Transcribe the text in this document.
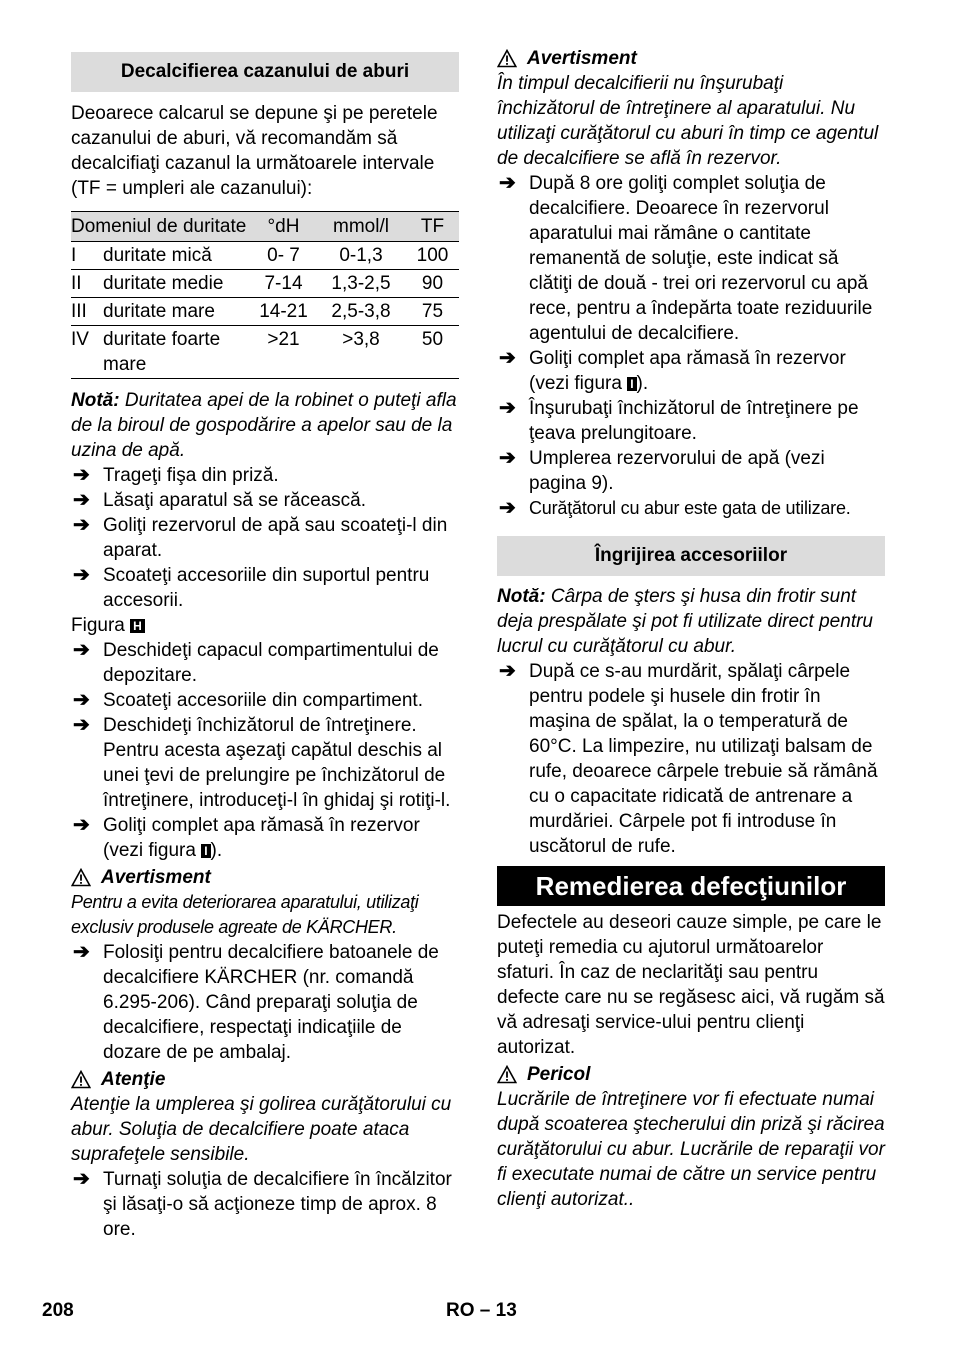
Decalcifierea cazanului de aburi

Deoarece calcarul se depune şi pe peretele cazanului de aburi, vă recomandăm să decalcifiaţi cazanul la următoarele intervale (TF = umpleri ale cazanului):

Domeniul de duritate		°dH	mmol/l	TF
I	duritate mică	0- 7	0-1,3	100
II	duritate medie	7-14	1,3-2,5	90
III	duritate mare	14-21	2,5-3,8	75
IV	duritate foarte mare	>21	>3,8	50

Notă: Duritatea apei de la robinet o puteţi afla de la biroul de gospodărire a apelor sau de la uzina de apă.

➔ Trageţi fişa din priză.
➔ Lăsaţi aparatul să se răcească.
➔ Goliţi rezervorul de apă sau scoateţi-l din aparat.
➔ Scoateţi accesoriile din suportul pentru accesorii.

Figura H

➔ Deschideţi capacul compartimentului de depozitare.
➔ Scoateţi accesoriile din compartiment.
➔ Deschideţi închizătorul de întreţinere. Pentru acesta aşezaţi capătul deschis al unei ţevi de prelungire pe închizătorul de întreţinere, introduceţi-l în ghidaj şi rotiţi-l.
➔ Goliţi complet apa rămasă în rezervor (vezi figura I ).
Avertisment

Pentru a evita deteriorarea aparatului, utilizaţi exclusiv produsele agreate de KÄRCHER.

➔ Folosiţi pentru decalcifiere batoanele de decalcifiere KÄRCHER (nr. comandă 6.295-206). Când preparaţi soluţia de decalcifiere, respectaţi indicaţiile de dozare de pe ambalaj.
Atenţie

Atenţie la umplerea şi golirea curăţătorului cu abur. Soluţia de decalcifiere poate ataca suprafeţele sensibile.

➔ Turnaţi soluţia de decalcifiere în încălzitor şi lăsaţi-o să acţioneze timp de aprox. 8 ore.
Avertisment

În timpul decalcifierii nu înşurubaţi închizătorul de întreţinere al aparatului. Nu utilizaţi curăţătorul cu aburi în timp ce agentul de decalcifiere se află în rezervor.

➔ După 8 ore goliţi complet soluţia de decalcifiere. Deoarece în rezervorul aparatului mai rămâne o cantitate remanentă de soluţie, este indicat să clătiţi de două - trei ori rezervorul cu apă rece, pentru a îndepărta toate reziduurile agentului de decalcifiere.
➔ Goliţi complet apa rămasă în rezervor (vezi figura I ).
➔ Înşurubaţi închizătorul de întreţinere pe ţeava prelungitoare.
➔ Umplerea rezervorului de apă (vezi pagina 9).
➔ Curăţătorul cu abur este gata de utilizare.
Îngrijirea accesoriilor

Notă: Cârpa de şters şi husa din frotir sunt deja prespălate şi pot fi utilizate direct pentru lucrul cu curăţătorul cu abur.

➔ După ce s-au murdărit, spălaţi cârpele pentru podele şi husele din frotir în maşina de spălat, la o temperatură de 60°C. La limpezire, nu utilizaţi balsam de rufe, deoarece cârpele trebuie să rămână cu o capacitate ridicată de antrenare a murdăriei. Cârpele pot fi introduse în uscătorul de rufe.
Remedierea defecţiunilor

Defectele au deseori cauze simple, pe care le puteţi remedia cu ajutorul următoarelor sfaturi. În caz de neclarităţi sau pentru defecte care nu se regăsesc aici, vă rugăm să vă adresaţi service-ului pentru clienţi autorizat.

Pericol

Lucrările de întreţinere vor fi efectuate numai după scoaterea ştecherului din priză şi răcirea curăţătorului cu abur. Lucrările de reparaţii vor fi executate numai de către un service pentru clienţi autorizat..

208	RO – 13
